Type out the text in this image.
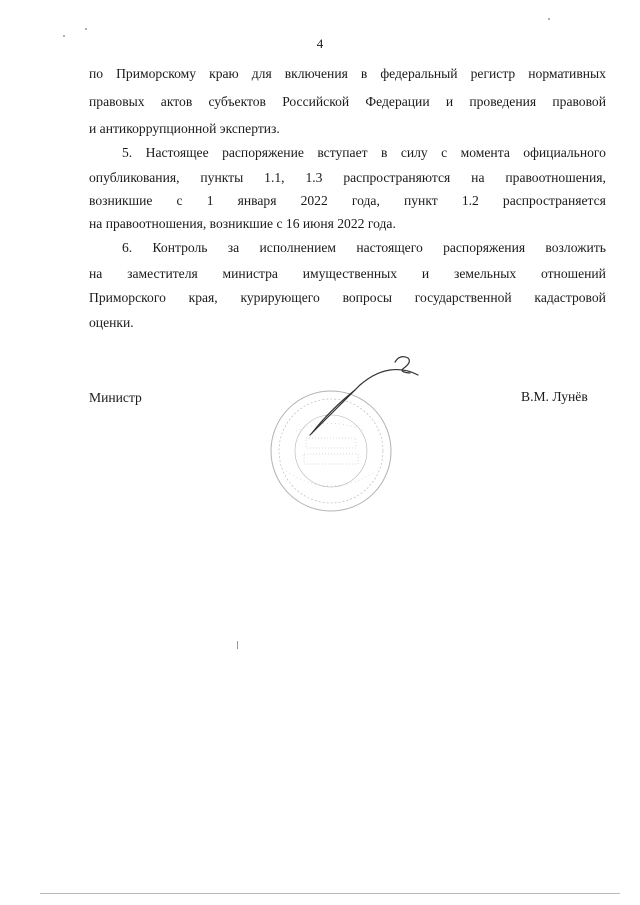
4
по Приморскому краю для включения в федеральный регистр нормативных
правовых актов субъектов Российской Федерации и проведения правовой
и антикоррупционной экспертиз.
5. Настоящее распоряжение вступает в силу с момента официального
опубликования, пункты 1.1, 1.3 распространяются на правоотношения,
возникшие с 1 января 2022 года, пункт 1.2 распространяется
на правоотношения, возникшие с 16 июня 2022 года.
6. Контроль за исполнением настоящего распоряжения возложить
на заместителя министра имущественных и земельных отношений
Приморского края, курирующего вопросы государственной кадастровой
оценки.
Министр	В.М. Лунёв
